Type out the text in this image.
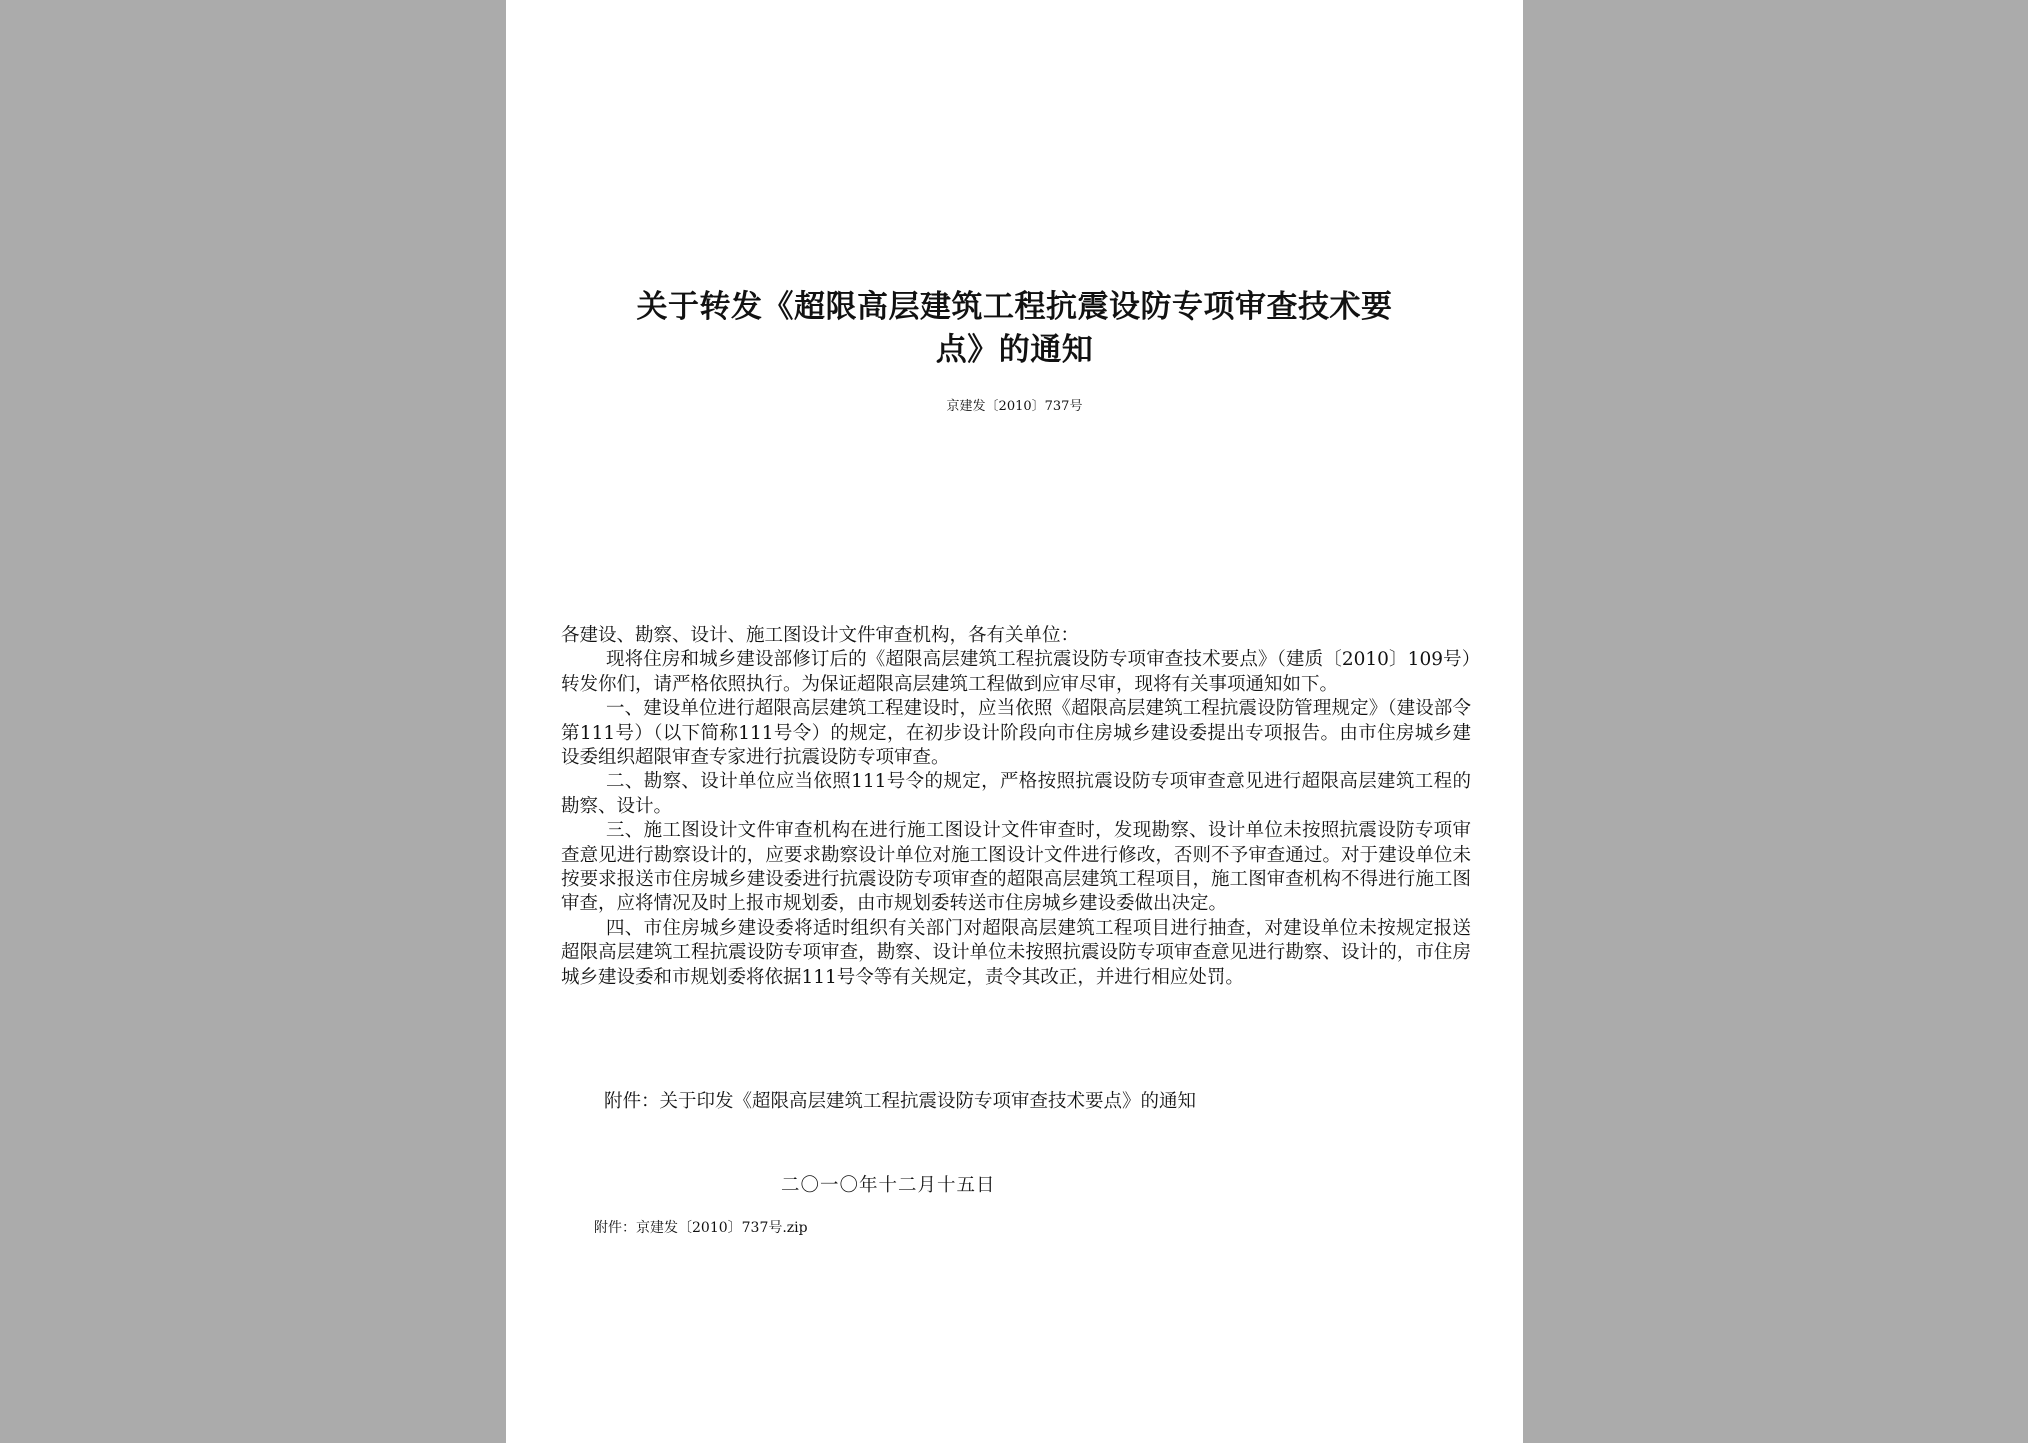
关于转发《超限高层建筑工程抗震设防专项审查技术要
点》的通知
京建发〔2010〕737号

各建设、勘察、设计、施工图设计文件审查机构，各有关单位：

现将住房和城乡建设部修订后的《超限高层建筑工程抗震设防专项审查技术要点》（建质〔2010〕109号）转发你们，请严格依照执行。为保证超限高层建筑工程做到应审尽审，现将有关事项通知如下。

一、建设单位进行超限高层建筑工程建设时，应当依照《超限高层建筑工程抗震设防管理规定》（建设部令第111号）（以下简称111号令）的规定，在初步设计阶段向市住房城乡建设委提出专项报告。由市住房城乡建设委组织超限审查专家进行抗震设防专项审查。

二、勘察、设计单位应当依照111号令的规定，严格按照抗震设防专项审查意见进行超限高层建筑工程的勘察、设计。

三、施工图设计文件审查机构在进行施工图设计文件审查时，发现勘察、设计单位未按照抗震设防专项审查意见进行勘察设计的，应要求勘察设计单位对施工图设计文件进行修改，否则不予审查通过。对于建设单位未按要求报送市住房城乡建设委进行抗震设防专项审查的超限高层建筑工程项目，施工图审查机构不得进行施工图审查，应将情况及时上报市规划委，由市规划委转送市住房城乡建设委做出决定。

四、市住房城乡建设委将适时组织有关部门对超限高层建筑工程项目进行抽查，对建设单位未按规定报送超限高层建筑工程抗震设防专项审查，勘察、设计单位未按照抗震设防专项审查意见进行勘察、设计的，市住房城乡建设委和市规划委将依据111号令等有关规定，责令其改正，并进行相应处罚。

附件：关于印发《超限高层建筑工程抗震设防专项审查技术要点》的通知
二〇一〇年十二月十五日
附件：京建发〔2010〕737号.zip
